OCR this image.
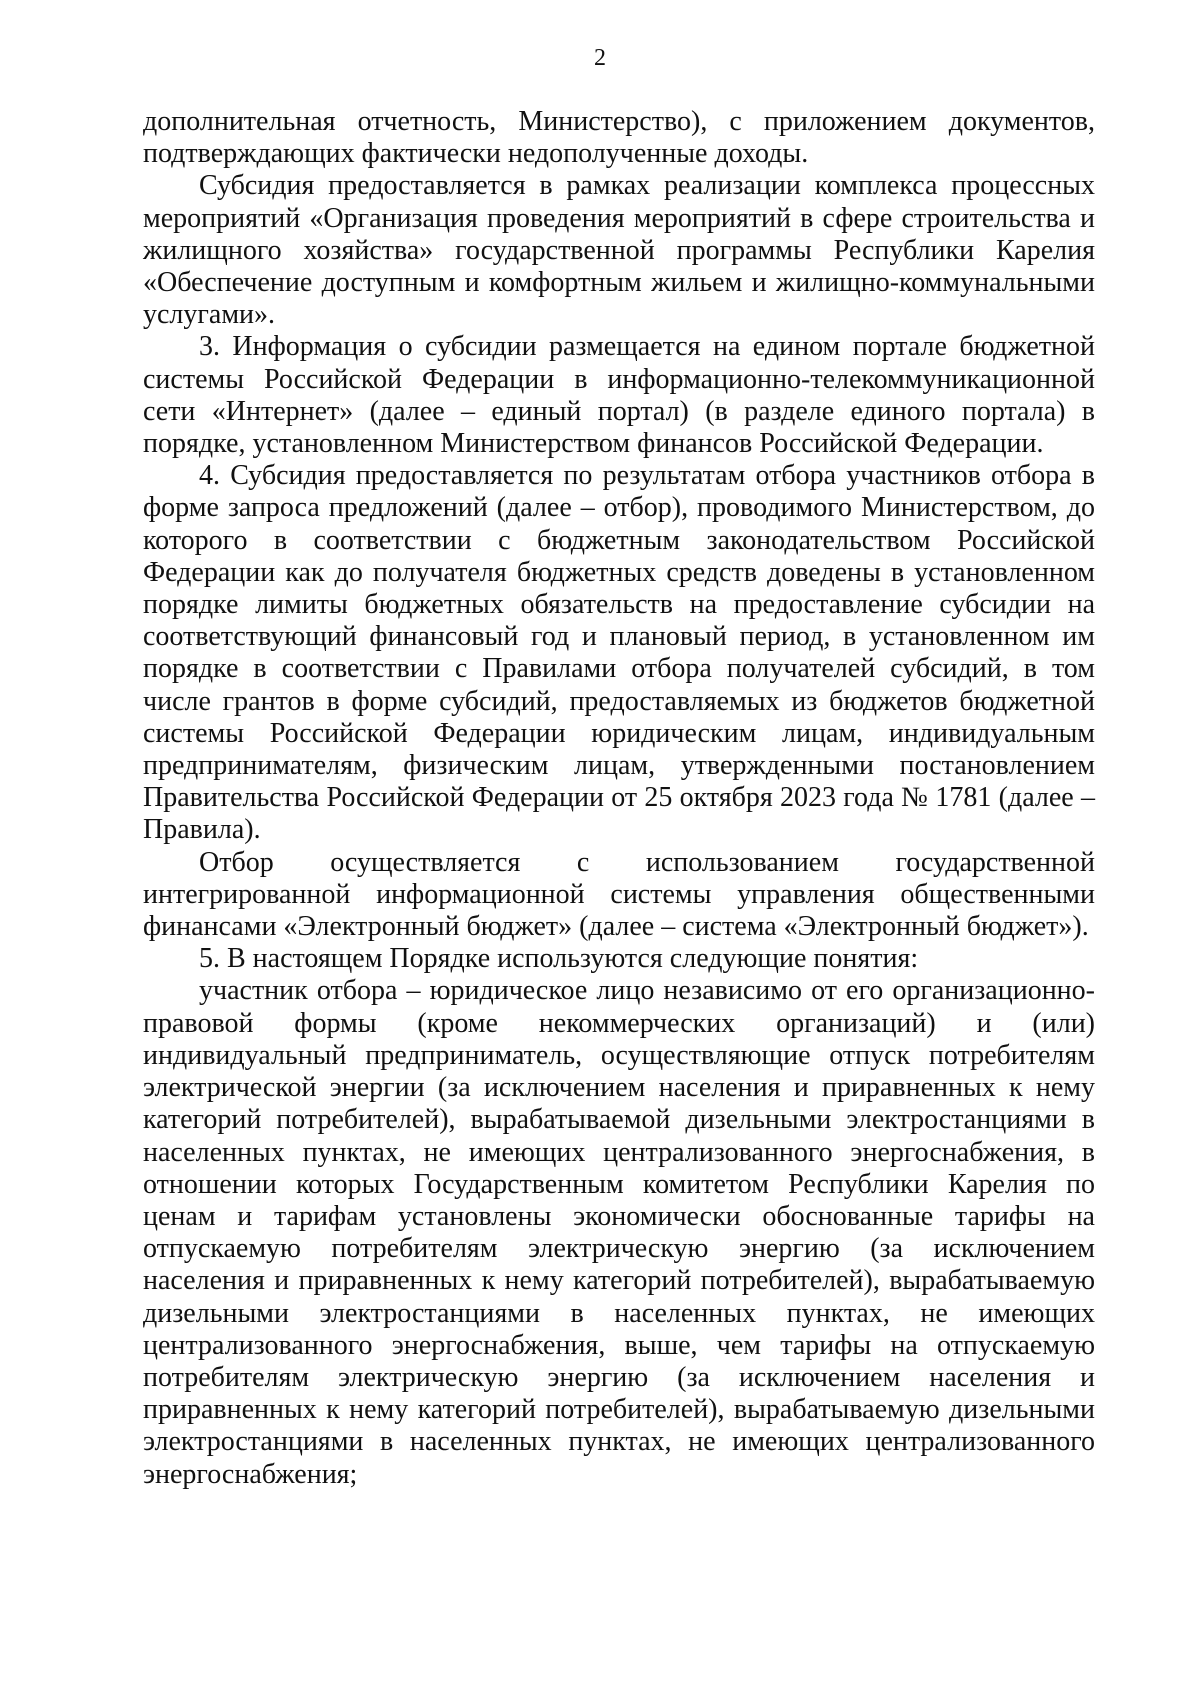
2

дополнительная отчетность, Министерство), с приложением документов, подтверждающих фактически недополученные доходы.

Субсидия предоставляется в рамках реализации комплекса процессных мероприятий «Организация проведения мероприятий в сфере строительства и жилищного хозяйства» государственной программы Республики Карелия «Обеспечение доступным и комфортным жильем и жилищно-коммунальными услугами».

3. Информация о субсидии размещается на едином портале бюджетной системы Российской Федерации в информационно-телекоммуникационной сети «Интернет» (далее – единый портал) (в разделе единого портала) в порядке, установленном Министерством финансов Российской Федерации.

4. Субсидия предоставляется по результатам отбора участников отбора в форме запроса предложений (далее – отбор), проводимого Министерством, до которого в соответствии с бюджетным законодательством Российской Федерации как до получателя бюджетных средств доведены в установленном порядке лимиты бюджетных обязательств на предоставление субсидии на соответствующий финансовый год и плановый период, в установленном им порядке в соответствии с Правилами отбора получателей субсидий, в том числе грантов в форме субсидий, предоставляемых из бюджетов бюджетной системы Российской Федерации юридическим лицам, индивидуальным предпринимателям, физическим лицам, утвержденными постановлением Правительства Российской Федерации от 25 октября 2023 года № 1781 (далее – Правила).

Отбор осуществляется с использованием государственной интегрированной информационной системы управления общественными финансами «Электронный бюджет» (далее – система «Электронный бюджет»).

5. В настоящем Порядке используются следующие понятия:

участник отбора – юридическое лицо независимо от его организационно-правовой формы (кроме некоммерческих организаций) и (или) индивидуальный предприниматель, осуществляющие отпуск потребителям электрической энергии (за исключением населения и приравненных к нему категорий потребителей), вырабатываемой дизельными электростанциями в населенных пунктах, не имеющих централизованного энергоснабжения, в отношении которых Государственным комитетом Республики Карелия по ценам и тарифам установлены экономически обоснованные тарифы на отпускаемую потребителям электрическую энергию (за исключением населения и приравненных к нему категорий потребителей), вырабатываемую дизельными электростанциями в населенных пунктах, не имеющих централизованного энергоснабжения, выше, чем тарифы на отпускаемую потребителям электрическую энергию (за исключением населения и приравненных к нему категорий потребителей), вырабатываемую дизельными электростанциями в населенных пунктах, не имеющих централизованного энергоснабжения;
